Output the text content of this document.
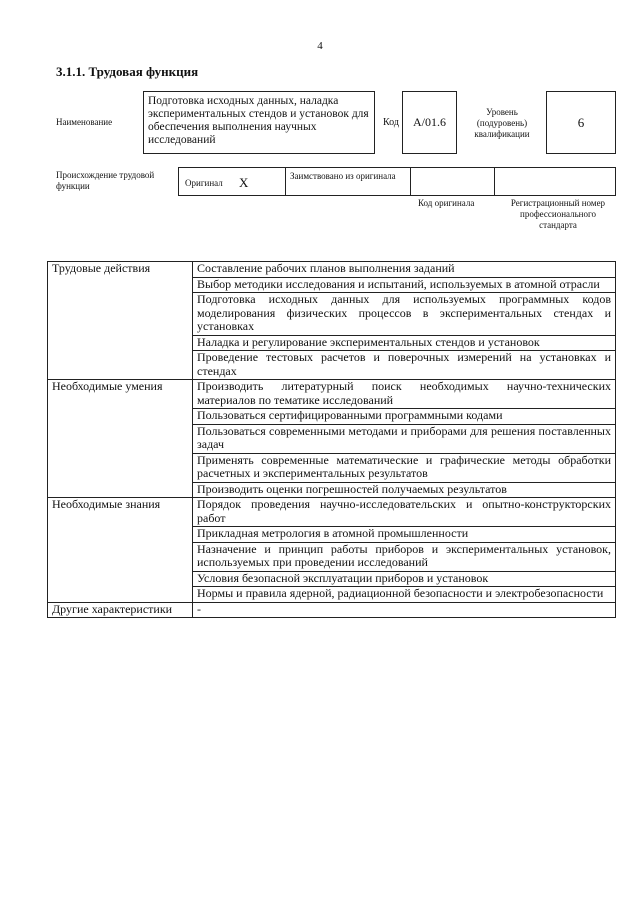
4
3.1.1. Трудовая функция
Наименование
Подготовка исходных данных, наладка экспериментальных стендов и установок для обеспечения выполнения научных исследований
Код	A/01.6
Уровень (подуровень) квалификации
6
Происхождение трудовой функции	Оригинал X	Заимствовано из оригинала
Код оригинала	Регистрационный номер профессионального стандарта
Трудовые действия	Составление рабочих планов выполнения заданий
	Выбор методики исследования и испытаний, используемых в атомной отрасли
	Подготовка исходных данных для используемых программных кодов моделирования физических процессов в экспериментальных стендах и установках
	Наладка и регулирование экспериментальных стендов и установок
	Проведение тестовых расчетов и поверочных измерений на установках и стендах
Необходимые умения	Производить литературный поиск необходимых научно-технических материалов по тематике исследований
	Пользоваться сертифицированными программными кодами
	Пользоваться современными методами и приборами для решения поставленных задач
	Применять современные математические и графические методы обработки расчетных и экспериментальных результатов
	Производить оценки погрешностей получаемых результатов
Необходимые знания	Порядок проведения научно-исследовательских и опытно-конструкторских работ
	Прикладная метрология в атомной промышленности
	Назначение и принцип работы приборов и экспериментальных установок, используемых при проведении исследований
	Условия безопасной эксплуатации приборов и установок
	Нормы и правила ядерной, радиационной безопасности и электробезопасности
Другие характеристики	-
